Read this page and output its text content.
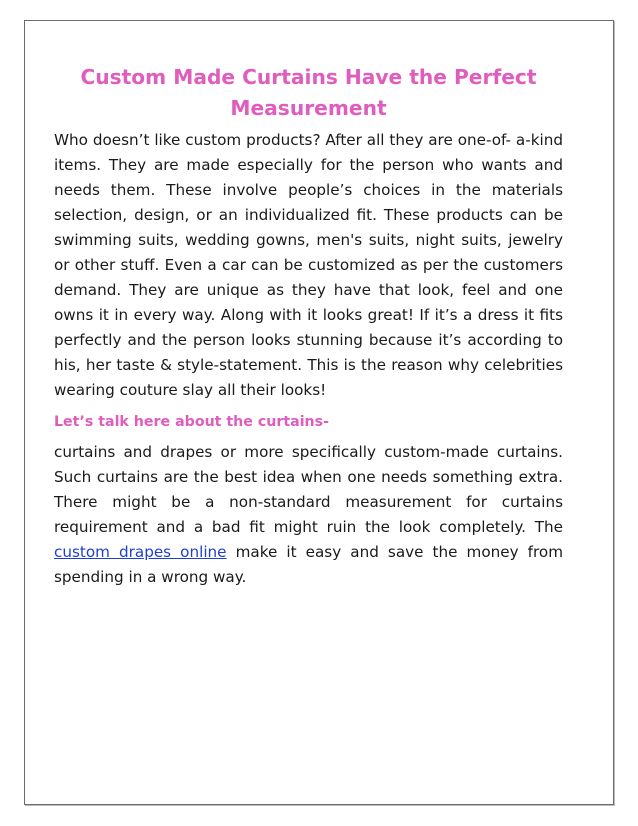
Custom Made Curtains Have the Perfect Measurement

Who doesn’t like custom products? After all they are one-of- a-kind items. They are made especially for the person who wants and needs them. These involve people’s choices in the materials selection, design, or an individualized fit. These products can be swimming suits, wedding gowns, men's suits, night suits, jewelry or other stuff. Even a car can be customized as per the customers demand. They are unique as they have that look, feel and one owns it in every way. Along with it looks great! If it’s a dress it fits perfectly and the person looks stunning because it’s according to his, her taste & style-statement. This is the reason why celebrities wearing couture slay all their looks!

Let’s talk here about the curtains-

curtains and drapes or more specifically custom-made curtains. Such curtains are the best idea when one needs something extra. There might be a non-standard measurement for curtains requirement and a bad fit might ruin the look completely. The custom drapes online make it easy and save the money from spending in a wrong way.
